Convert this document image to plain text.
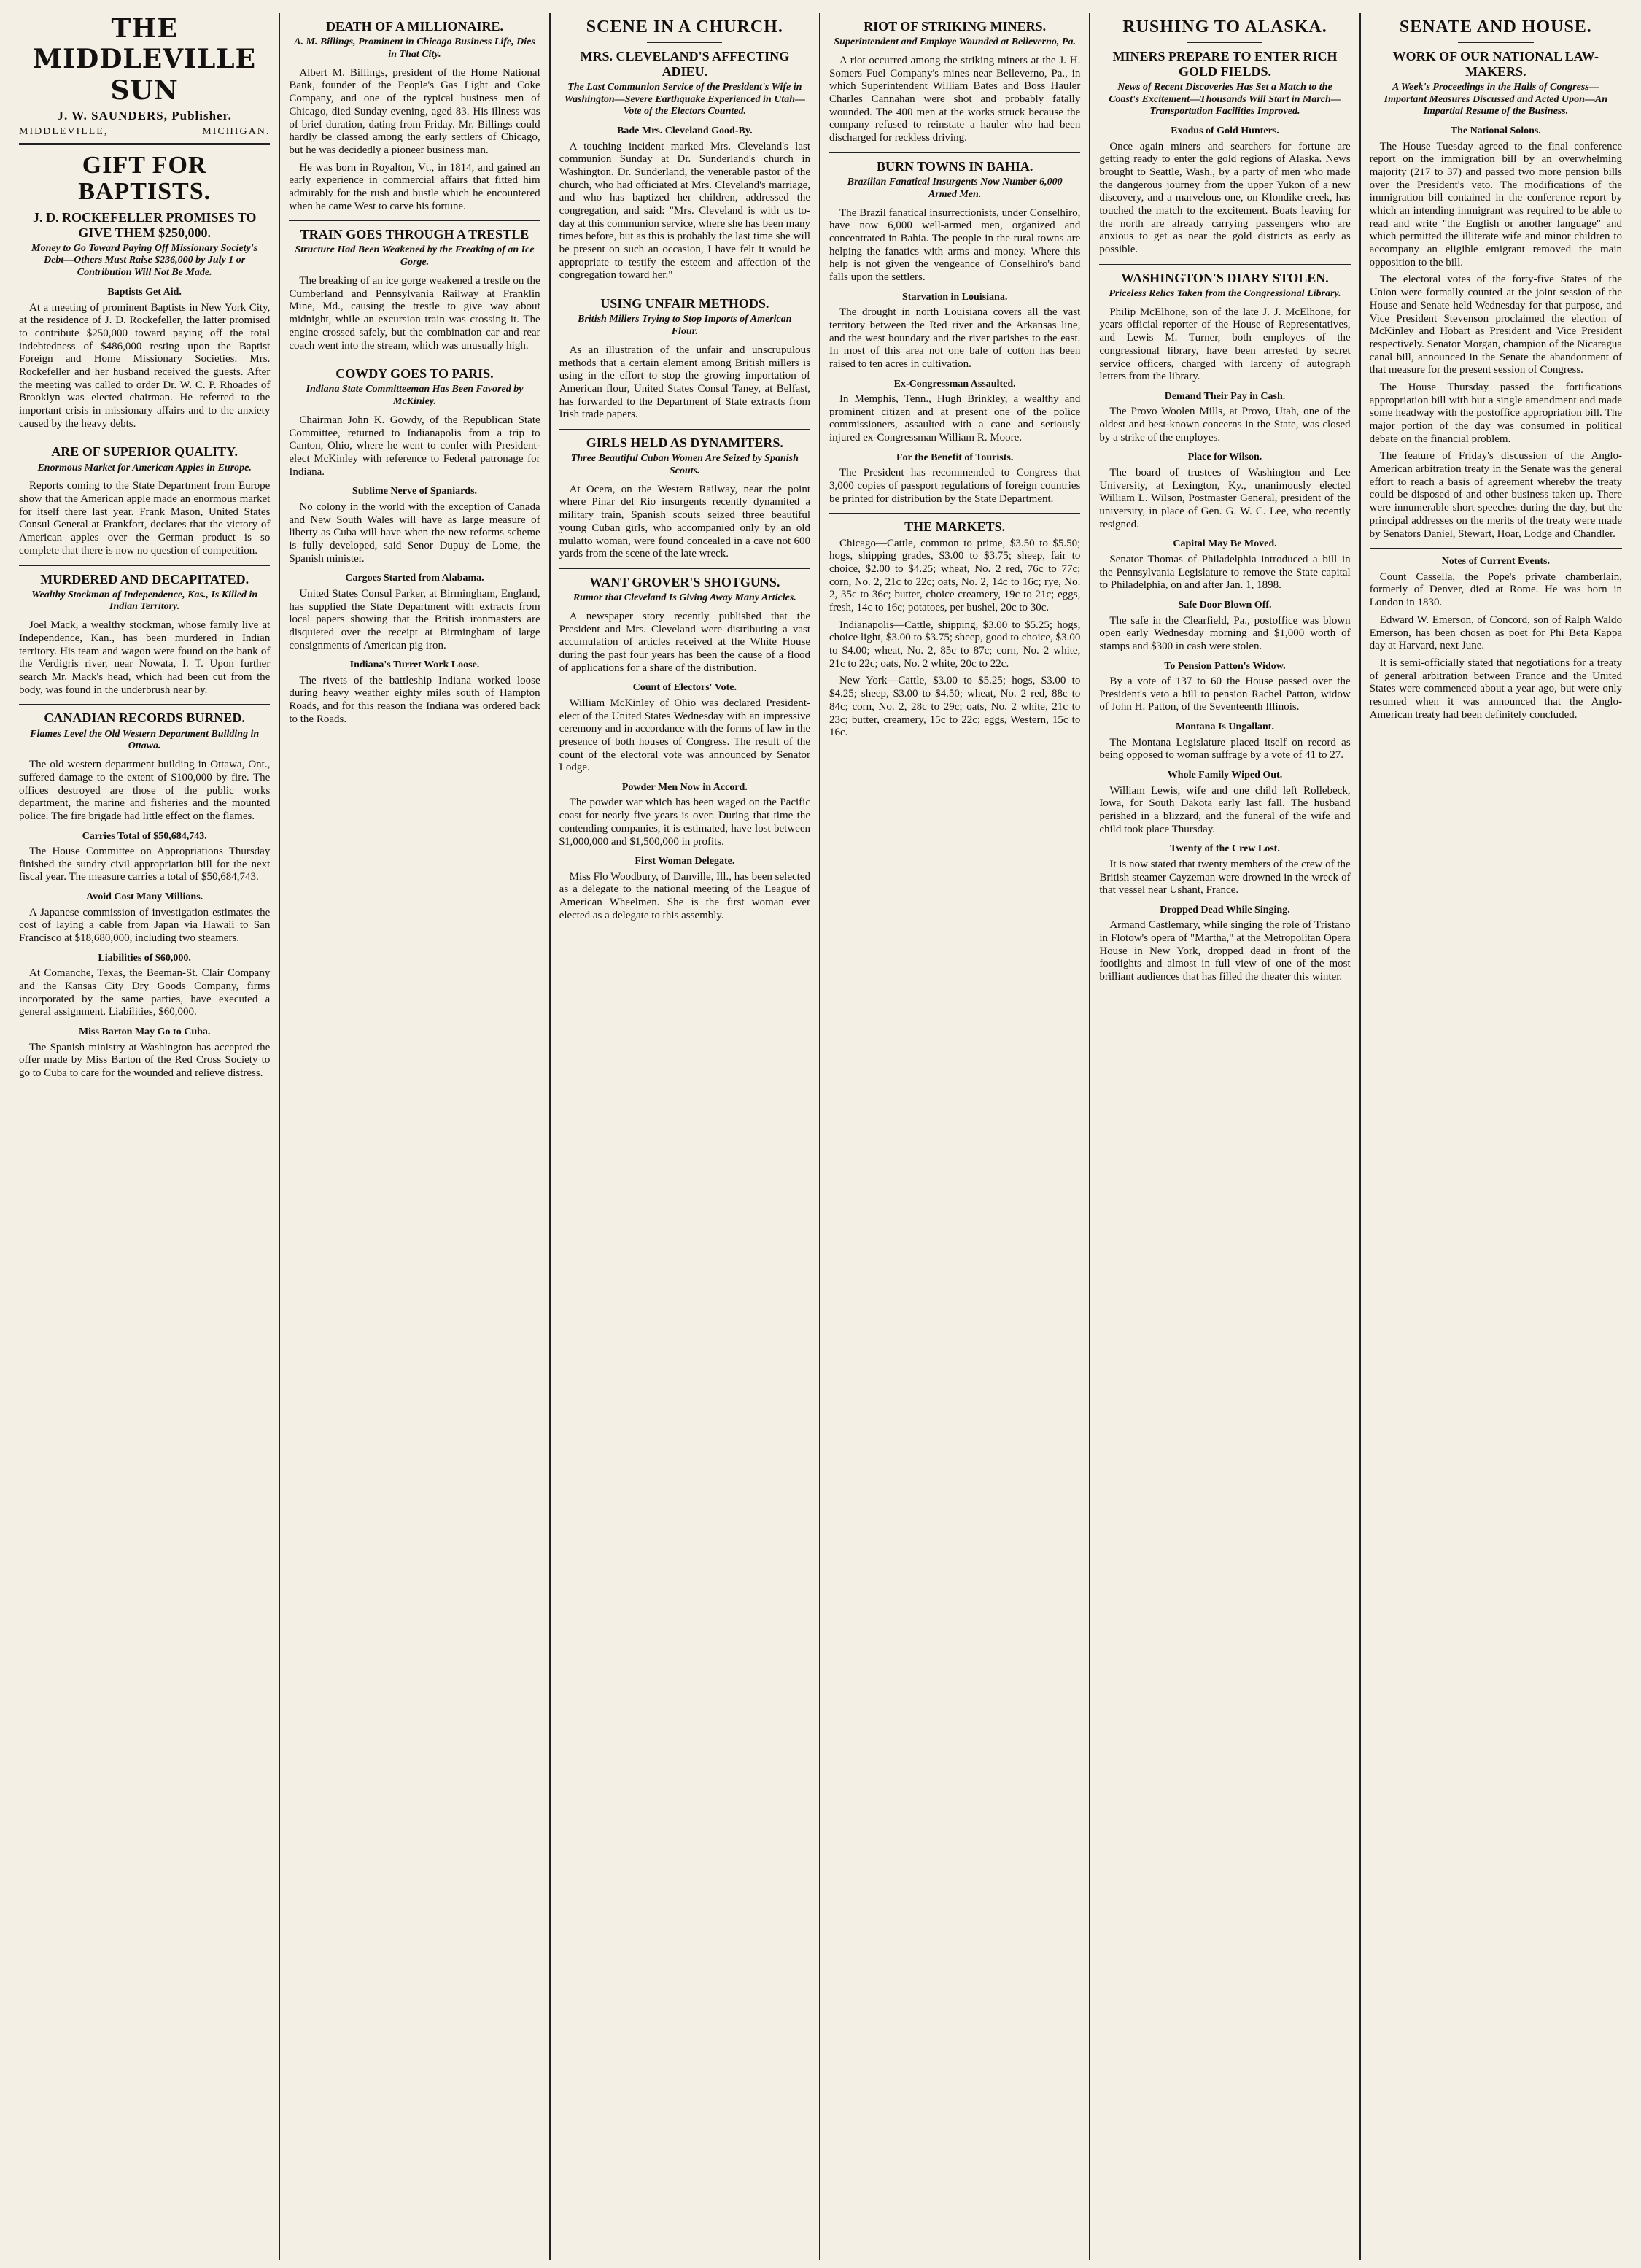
THE MIDDLEVILLE SUN
J. W. SAUNDERS, Publisher.
MIDDLEVILLE,	MICHIGAN.
GIFT FOR BAPTISTS.
J. D. ROCKEFELLER PROMISES TO GIVE THEM $250,000.
Money to Go Toward Paying Off Missionary Society's Debt—Others Must Raise $236,000 by July 1 or Contribution Will Not Be Made.
Baptists Get Aid.

At a meeting of prominent Baptists in New York City, at the residence of J. D. Rockefeller, the latter promised to contribute $250,000 toward paying off the total indebtedness of $486,000 resting upon the Baptist Foreign and Home Missionary Societies. Mrs. Rockefeller and her husband received the guests. After the meeting was called to order Dr. W. C. P. Rhoades of Brooklyn was elected chairman. He referred to the important crisis in missionary affairs and to the anxiety caused by the heavy debts.

ARE OF SUPERIOR QUALITY.
Enormous Market for American Apples in Europe.

Reports coming to the State Department from Europe show that the American apple made an enormous market for itself there last year. Frank Mason, United States Consul General at Frankfort, declares that the victory of American apples over the German product is so complete that there is now no question of competition.

MURDERED AND DECAPITATED.
Wealthy Stockman of Independence, Kas., Is Killed in Indian Territory.

Joel Mack, a wealthy stockman, whose family live at Independence, Kan., has been murdered in Indian territory. His team and wagon were found on the bank of the Verdigris river, near Nowata, I. T. Upon further search Mr. Mack's head, which had been cut from the body, was found in the underbrush near by.

CANADIAN RECORDS BURNED.
Flames Level the Old Western Department Building in Ottawa.

The old western department building in Ottawa, Ont., suffered damage to the extent of $100,000 by fire. The offices destroyed are those of the public works department, the marine and fisheries and the mounted police. The fire brigade had little effect on the flames.

Carries Total of $50,684,743.

The House Committee on Appropriations Thursday finished the sundry civil appropriation bill for the next fiscal year. The measure carries a total of $50,684,743.

Avoid Cost Many Millions.

A Japanese commission of investigation estimates the cost of laying a cable from Japan via Hawaii to San Francisco at $18,680,000, including two steamers.

Liabilities of $60,000.

At Comanche, Texas, the Beeman-St. Clair Company and the Kansas City Dry Goods Company, firms incorporated by the same parties, have executed a general assignment. Liabilities, $60,000.

Miss Barton May Go to Cuba.

The Spanish ministry at Washington has accepted the offer made by Miss Barton of the Red Cross Society to go to Cuba to care for the wounded and relieve distress.

DEATH OF A MILLIONAIRE.
A. M. Billings, Prominent in Chicago Business Life, Dies in That City.

Albert M. Billings, president of the Home National Bank, founder of the People's Gas Light and Coke Company, and one of the typical business men of Chicago, died Sunday evening, aged 83. His illness was of brief duration, dating from Friday. Mr. Billings could hardly be classed among the early settlers of Chicago, but he was decidedly a pioneer business man.

He was born in Royalton, Vt., in 1814, and gained an early experience in commercial affairs that fitted him admirably for the rush and bustle which he encountered when he came West to carve his fortune.

TRAIN GOES THROUGH A TRESTLE
Structure Had Been Weakened by the Freaking of an Ice Gorge.

The breaking of an ice gorge weakened a trestle on the Cumberland and Pennsylvania Railway at Franklin Mine, Md., causing the trestle to give way about midnight, while an excursion train was crossing it. The engine crossed safely, but the combination car and rear coach went into the stream, which was unusually high.

COWDY GOES TO PARIS.
Indiana State Committeeman Has Been Favored by McKinley.

Chairman John K. Gowdy, of the Republican State Committee, returned to Indianapolis from a trip to Canton, Ohio, where he went to confer with President-elect McKinley with reference to Federal patronage for Indiana.

Sublime Nerve of Spaniards.

No colony in the world with the exception of Canada and New South Wales will have as large measure of liberty as Cuba will have when the new reforms scheme is fully developed, said Senor Dupuy de Lome, the Spanish minister.

Cargoes Started from Alabama.

United States Consul Parker, at Birmingham, England, has supplied the State Department with extracts from local papers showing that the British ironmasters are disquieted over the receipt at Birmingham of large consignments of American pig iron.

Indiana's Turret Work Loose.

The rivets of the battleship Indiana worked loose during heavy weather eighty miles south of Hampton Roads, and for this reason the Indiana was ordered back to the Roads.

SCENE IN A CHURCH.
MRS. CLEVELAND'S AFFECTING ADIEU.
The Last Communion Service of the President's Wife in Washington—Severe Earthquake Experienced in Utah—Vote of the Electors Counted.
Bade Mrs. Cleveland Good-By.

A touching incident marked Mrs. Cleveland's last communion Sunday at Dr. Sunderland's church in Washington. Dr. Sunderland, the venerable pastor of the church, who had officiated at Mrs. Cleveland's marriage, and who has baptized her children, addressed the congregation, and said: "Mrs. Cleveland is with us to-day at this communion service, where she has been many times before, but as this is probably the last time she will be present on such an occasion, I have felt it would be appropriate to testify the esteem and affection of the congregation toward her."

USING UNFAIR METHODS.
British Millers Trying to Stop Imports of American Flour.

As an illustration of the unfair and unscrupulous methods that a certain element among British millers is using in the effort to stop the growing importation of American flour, United States Consul Taney, at Belfast, has forwarded to the Department of State extracts from Irish trade papers.

GIRLS HELD AS DYNAMITERS.
Three Beautiful Cuban Women Are Seized by Spanish Scouts.

At Ocera, on the Western Railway, near the point where Pinar del Rio insurgents recently dynamited a military train, Spanish scouts seized three beautiful young Cuban girls, who accompanied only by an old mulatto woman, were found concealed in a cave not 600 yards from the scene of the late wreck.

WANT GROVER'S SHOTGUNS.
Rumor that Cleveland Is Giving Away Many Articles.

A newspaper story recently published that the President and Mrs. Cleveland were distributing a vast accumulation of articles received at the White House during the past four years has been the cause of a flood of applications for a share of the distribution.

Count of Electors' Vote.

William McKinley of Ohio was declared President-elect of the United States Wednesday with an impressive ceremony and in accordance with the forms of law in the presence of both houses of Congress. The result of the count of the electoral vote was announced by Senator Lodge.

Powder Men Now in Accord.

The powder war which has been waged on the Pacific coast for nearly five years is over. During that time the contending companies, it is estimated, have lost between $1,000,000 and $1,500,000 in profits.

First Woman Delegate.

Miss Flo Woodbury, of Danville, Ill., has been selected as a delegate to the national meeting of the League of American Wheelmen. She is the first woman ever elected as a delegate to this assembly.

RIOT OF STRIKING MINERS.
Superintendent and Employe Wounded at Belleverno, Pa.

A riot occurred among the striking miners at the J. H. Somers Fuel Company's mines near Belleverno, Pa., in which Superintendent William Bates and Boss Hauler Charles Cannahan were shot and probably fatally wounded. The 400 men at the works struck because the company refused to reinstate a hauler who had been discharged for reckless driving.

BURN TOWNS IN BAHIA.
Brazilian Fanatical Insurgents Now Number 6,000 Armed Men.

The Brazil fanatical insurrectionists, under Conselhiro, have now 6,000 well-armed men, organized and concentrated in Bahia. The people in the rural towns are helping the fanatics with arms and money. Where this help is not given the vengeance of Conselhiro's band falls upon the settlers.

Starvation in Louisiana.

The drought in north Louisiana covers all the vast territory between the Red river and the Arkansas line, and the west boundary and the river parishes to the east. In most of this area not one bale of cotton has been raised to ten acres in cultivation.

Ex-Congressman Assaulted.

In Memphis, Tenn., Hugh Brinkley, a wealthy and prominent citizen and at present one of the police commissioners, assaulted with a cane and seriously injured ex-Congressman William R. Moore.

For the Benefit of Tourists.

The President has recommended to Congress that 3,000 copies of passport regulations of foreign countries be printed for distribution by the State Department.

THE MARKETS.

Chicago—Cattle, common to prime, $3.50 to $5.50; hogs, shipping grades, $3.00 to $3.75; sheep, fair to choice, $2.00 to $4.25; wheat, No. 2 red, 76c to 77c; corn, No. 2, 21c to 22c; oats, No. 2, 14c to 16c; rye, No. 2, 35c to 36c; butter, choice creamery, 19c to 21c; eggs, fresh, 14c to 16c; potatoes, per bushel, 20c to 30c.

Indianapolis—Cattle, shipping, $3.00 to $5.25; hogs, choice light, $3.00 to $3.75; sheep, good to choice, $3.00 to $4.00; wheat, No. 2, 85c to 87c; corn, No. 2 white, 21c to 22c; oats, No. 2 white, 20c to 22c.

New York—Cattle, $3.00 to $5.25; hogs, $3.00 to $4.25; sheep, $3.00 to $4.50; wheat, No. 2 red, 88c to 84c; corn, No. 2, 28c to 29c; oats, No. 2 white, 21c to 23c; butter, creamery, 15c to 22c; eggs, Western, 15c to 16c.

RUSHING TO ALASKA.
MINERS PREPARE TO ENTER RICH GOLD FIELDS.
News of Recent Discoveries Has Set a Match to the Coast's Excitement—Thousands Will Start in March—Transportation Facilities Improved.
Exodus of Gold Hunters.

Once again miners and searchers for fortune are getting ready to enter the gold regions of Alaska. News brought to Seattle, Wash., by a party of men who made the dangerous journey from the upper Yukon of a new discovery, and a marvelous one, on Klondike creek, has touched the match to the excitement. Boats leaving for the north are already carrying passengers who are anxious to get as near the gold districts as early as possible.

WASHINGTON'S DIARY STOLEN.
Priceless Relics Taken from the Congressional Library.

Philip McElhone, son of the late J. J. McElhone, for years official reporter of the House of Representatives, and Lewis M. Turner, both employes of the congressional library, have been arrested by secret service officers, charged with larceny of autograph letters from the library.

Demand Their Pay in Cash.

The Provo Woolen Mills, at Provo, Utah, one of the oldest and best-known concerns in the State, was closed by a strike of the employes.

Place for Wilson.

The board of trustees of Washington and Lee University, at Lexington, Ky., unanimously elected William L. Wilson, Postmaster General, president of the university, in place of Gen. G. W. C. Lee, who recently resigned.

Capital May Be Moved.

Senator Thomas of Philadelphia introduced a bill in the Pennsylvania Legislature to remove the State capital to Philadelphia, on and after Jan. 1, 1898.

Safe Door Blown Off.

The safe in the Clearfield, Pa., postoffice was blown open early Wednesday morning and $1,000 worth of stamps and $300 in cash were stolen.

To Pension Patton's Widow.

By a vote of 137 to 60 the House passed over the President's veto a bill to pension Rachel Patton, widow of John H. Patton, of the Seventeenth Illinois.

Montana Is Ungallant.

The Montana Legislature placed itself on record as being opposed to woman suffrage by a vote of 41 to 27.

Whole Family Wiped Out.

William Lewis, wife and one child left Rollebeck, Iowa, for South Dakota early last fall. The husband perished in a blizzard, and the funeral of the wife and child took place Thursday.

Twenty of the Crew Lost.

It is now stated that twenty members of the crew of the British steamer Cayzeman were drowned in the wreck of that vessel near Ushant, France.

Dropped Dead While Singing.

Armand Castlemary, while singing the role of Tristano in Flotow's opera of "Martha," at the Metropolitan Opera House in New York, dropped dead in front of the footlights and almost in full view of one of the most brilliant audiences that has filled the theater this winter.

SENATE AND HOUSE.
WORK OF OUR NATIONAL LAW-MAKERS.
A Week's Proceedings in the Halls of Congress—Important Measures Discussed and Acted Upon—An Impartial Resume of the Business.
The National Solons.

The House Tuesday agreed to the final conference report on the immigration bill by an overwhelming majority (217 to 37) and passed two more pension bills over the President's veto. The modifications of the immigration bill contained in the conference report by which an intending immigrant was required to be able to read and write "the English or another language" and which permitted the illiterate wife and minor children to accompany an eligible emigrant removed the main opposition to the bill.

The electoral votes of the forty-five States of the Union were formally counted at the joint session of the House and Senate held Wednesday for that purpose, and Vice President Stevenson proclaimed the election of McKinley and Hobart as President and Vice President respectively. Senator Morgan, champion of the Nicaragua canal bill, announced in the Senate the abandonment of that measure for the present session of Congress.

The House Thursday passed the fortifications appropriation bill with but a single amendment and made some headway with the postoffice appropriation bill. The major portion of the day was consumed in political debate on the financial problem.

The feature of Friday's discussion of the Anglo-American arbitration treaty in the Senate was the general effort to reach a basis of agreement whereby the treaty could be disposed of and other business taken up. There were innumerable short speeches during the day, but the principal addresses on the merits of the treaty were made by Senators Daniel, Stewart, Hoar, Lodge and Chandler.

Notes of Current Events.

Count Cassella, the Pope's private chamberlain, formerly of Denver, died at Rome. He was born in London in 1830.

Edward W. Emerson, of Concord, son of Ralph Waldo Emerson, has been chosen as poet for Phi Beta Kappa day at Harvard, next June.

It is semi-officially stated that negotiations for a treaty of general arbitration between France and the United States were commenced about a year ago, but were only resumed when it was announced that the Anglo-American treaty had been definitely concluded.
